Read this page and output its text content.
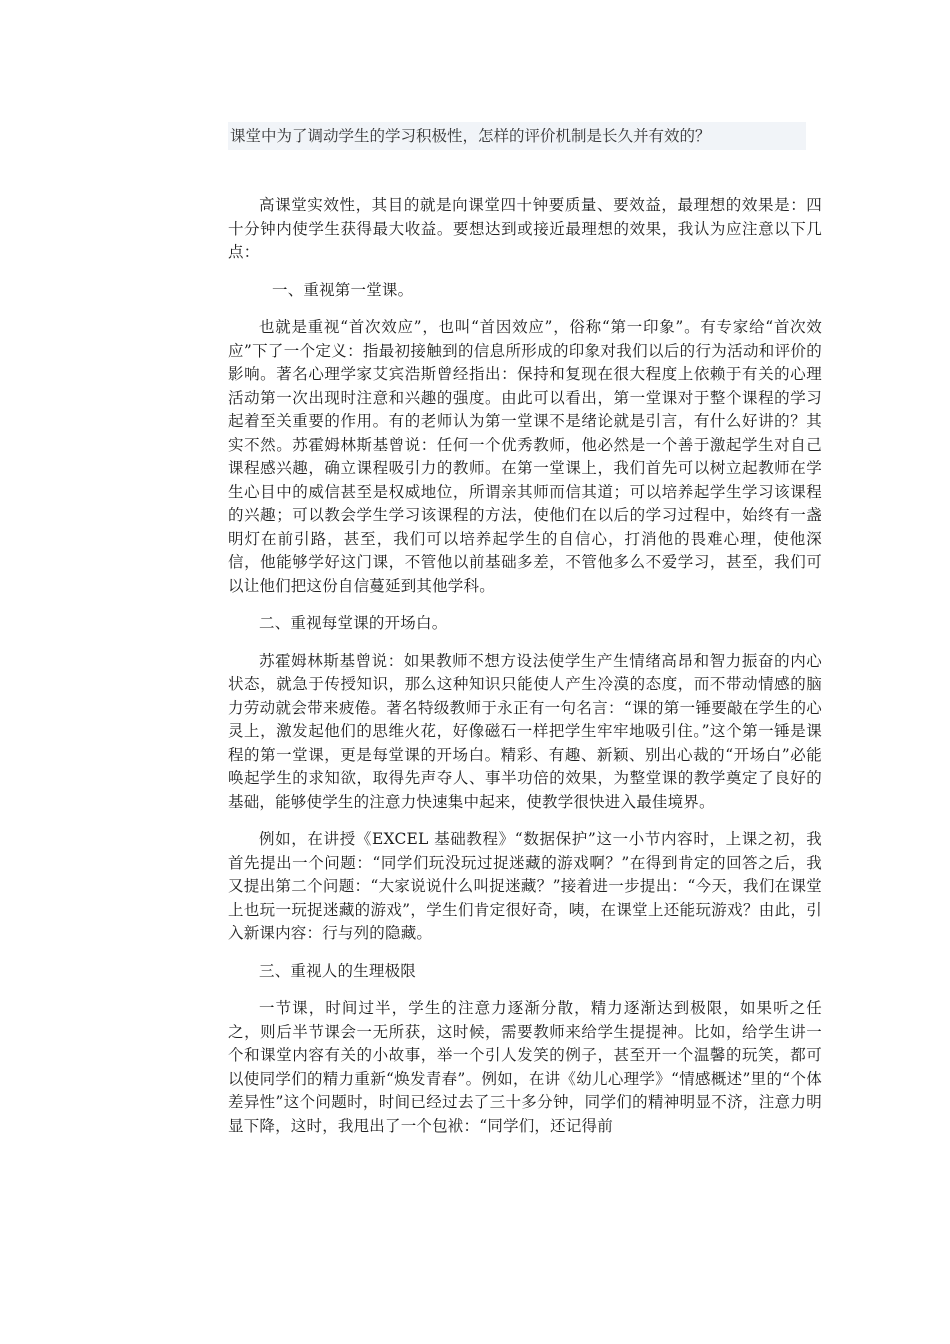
课堂中为了调动学生的学习积极性，怎样的评价机制是长久并有效的？

高课堂实效性，其目的就是向课堂四十钟要质量、要效益，最理想的效果是：四十分钟内使学生获得最大收益。要想达到或接近最理想的效果，我认为应注意以下几点：

一、重视第一堂课。

也就是重视“首次效应”，也叫“首因效应”，俗称“第一印象”。有专家给“首次效应”下了一个定义：指最初接触到的信息所形成的印象对我们以后的行为活动和评价的影响。著名心理学家艾宾浩斯曾经指出：保持和复现在很大程度上依赖于有关的心理活动第一次出现时注意和兴趣的强度。由此可以看出，第一堂课对于整个课程的学习起着至关重要的作用。有的老师认为第一堂课不是绪论就是引言，有什么好讲的？其实不然。苏霍姆林斯基曾说：任何一个优秀教师，他必然是一个善于激起学生对自己课程感兴趣，确立课程吸引力的教师。在第一堂课上，我们首先可以树立起教师在学生心目中的威信甚至是权威地位，所谓亲其师而信其道；可以培养起学生学习该课程的兴趣；可以教会学生学习该课程的方法，使他们在以后的学习过程中，始终有一盏明灯在前引路，甚至，我们可以培养起学生的自信心，打消他的畏难心理，使他深信，他能够学好这门课，不管他以前基础多差，不管他多么不爱学习，甚至，我们可以让他们把这份自信蔓延到其他学科。

二、重视每堂课的开场白。

苏霍姆林斯基曾说：如果教师不想方设法使学生产生情绪高昂和智力振奋的内心状态，就急于传授知识，那么这种知识只能使人产生冷漠的态度，而不带动情感的脑力劳动就会带来疲倦。著名特级教师于永正有一句名言：“课的第一锤要敲在学生的心灵上，激发起他们的思维火花，好像磁石一样把学生牢牢地吸引住。”这个第一锤是课程的第一堂课，更是每堂课的开场白。精彩、有趣、新颖、别出心裁的“开场白”必能唤起学生的求知欲，取得先声夺人、事半功倍的效果，为整堂课的教学奠定了良好的基础，能够使学生的注意力快速集中起来，使教学很快进入最佳境界。

例如，在讲授《EXCEL 基础教程》“数据保护”这一小节内容时，上课之初，我首先提出一个问题：“同学们玩没玩过捉迷藏的游戏啊？”在得到肯定的回答之后，我又提出第二个问题：“大家说说什么叫捉迷藏？”接着进一步提出：“今天，我们在课堂上也玩一玩捉迷藏的游戏”，学生们肯定很好奇，咦，在课堂上还能玩游戏？由此，引入新课内容：行与列的隐藏。

三、重视人的生理极限

一节课，时间过半，学生的注意力逐渐分散，精力逐渐达到极限，如果听之任之，则后半节课会一无所获，这时候，需要教师来给学生提提神。比如，给学生讲一个和课堂内容有关的小故事，举一个引人发笑的例子，甚至开一个温馨的玩笑，都可以使同学们的精力重新“焕发青春”。例如，在讲《幼儿心理学》“情感概述”里的“个体差异性”这个问题时，时间已经过去了三十多分钟，同学们的精神明显不济，注意力明显下降，这时，我甩出了一个包袱：“同学们，还记得前
